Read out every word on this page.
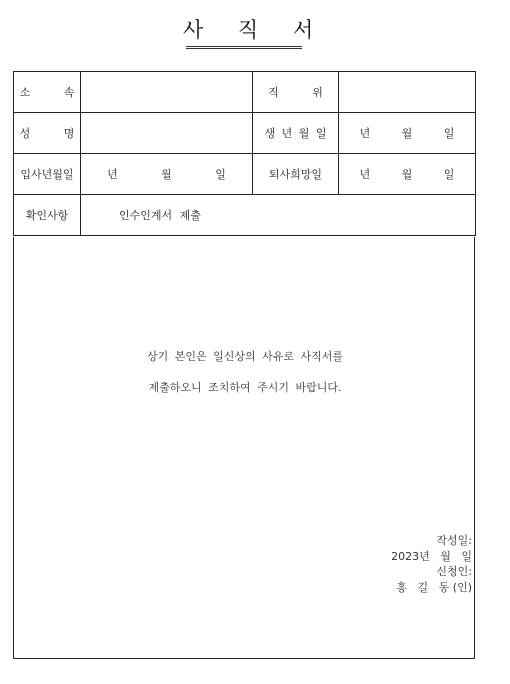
사 직 서
소 속		직 위	
성 명		생 년 월 일	년 월 일
입사년월일	년 월 일	퇴사희망일	년 월 일
확인사항	인수인계서 제출		
상기 본인은 일신상의 사유로 사직서를
제출하오니 조치하여 주시기 바랍니다.

작성일:
2023년   월   일

신청인:
홍   길   동 (인)
